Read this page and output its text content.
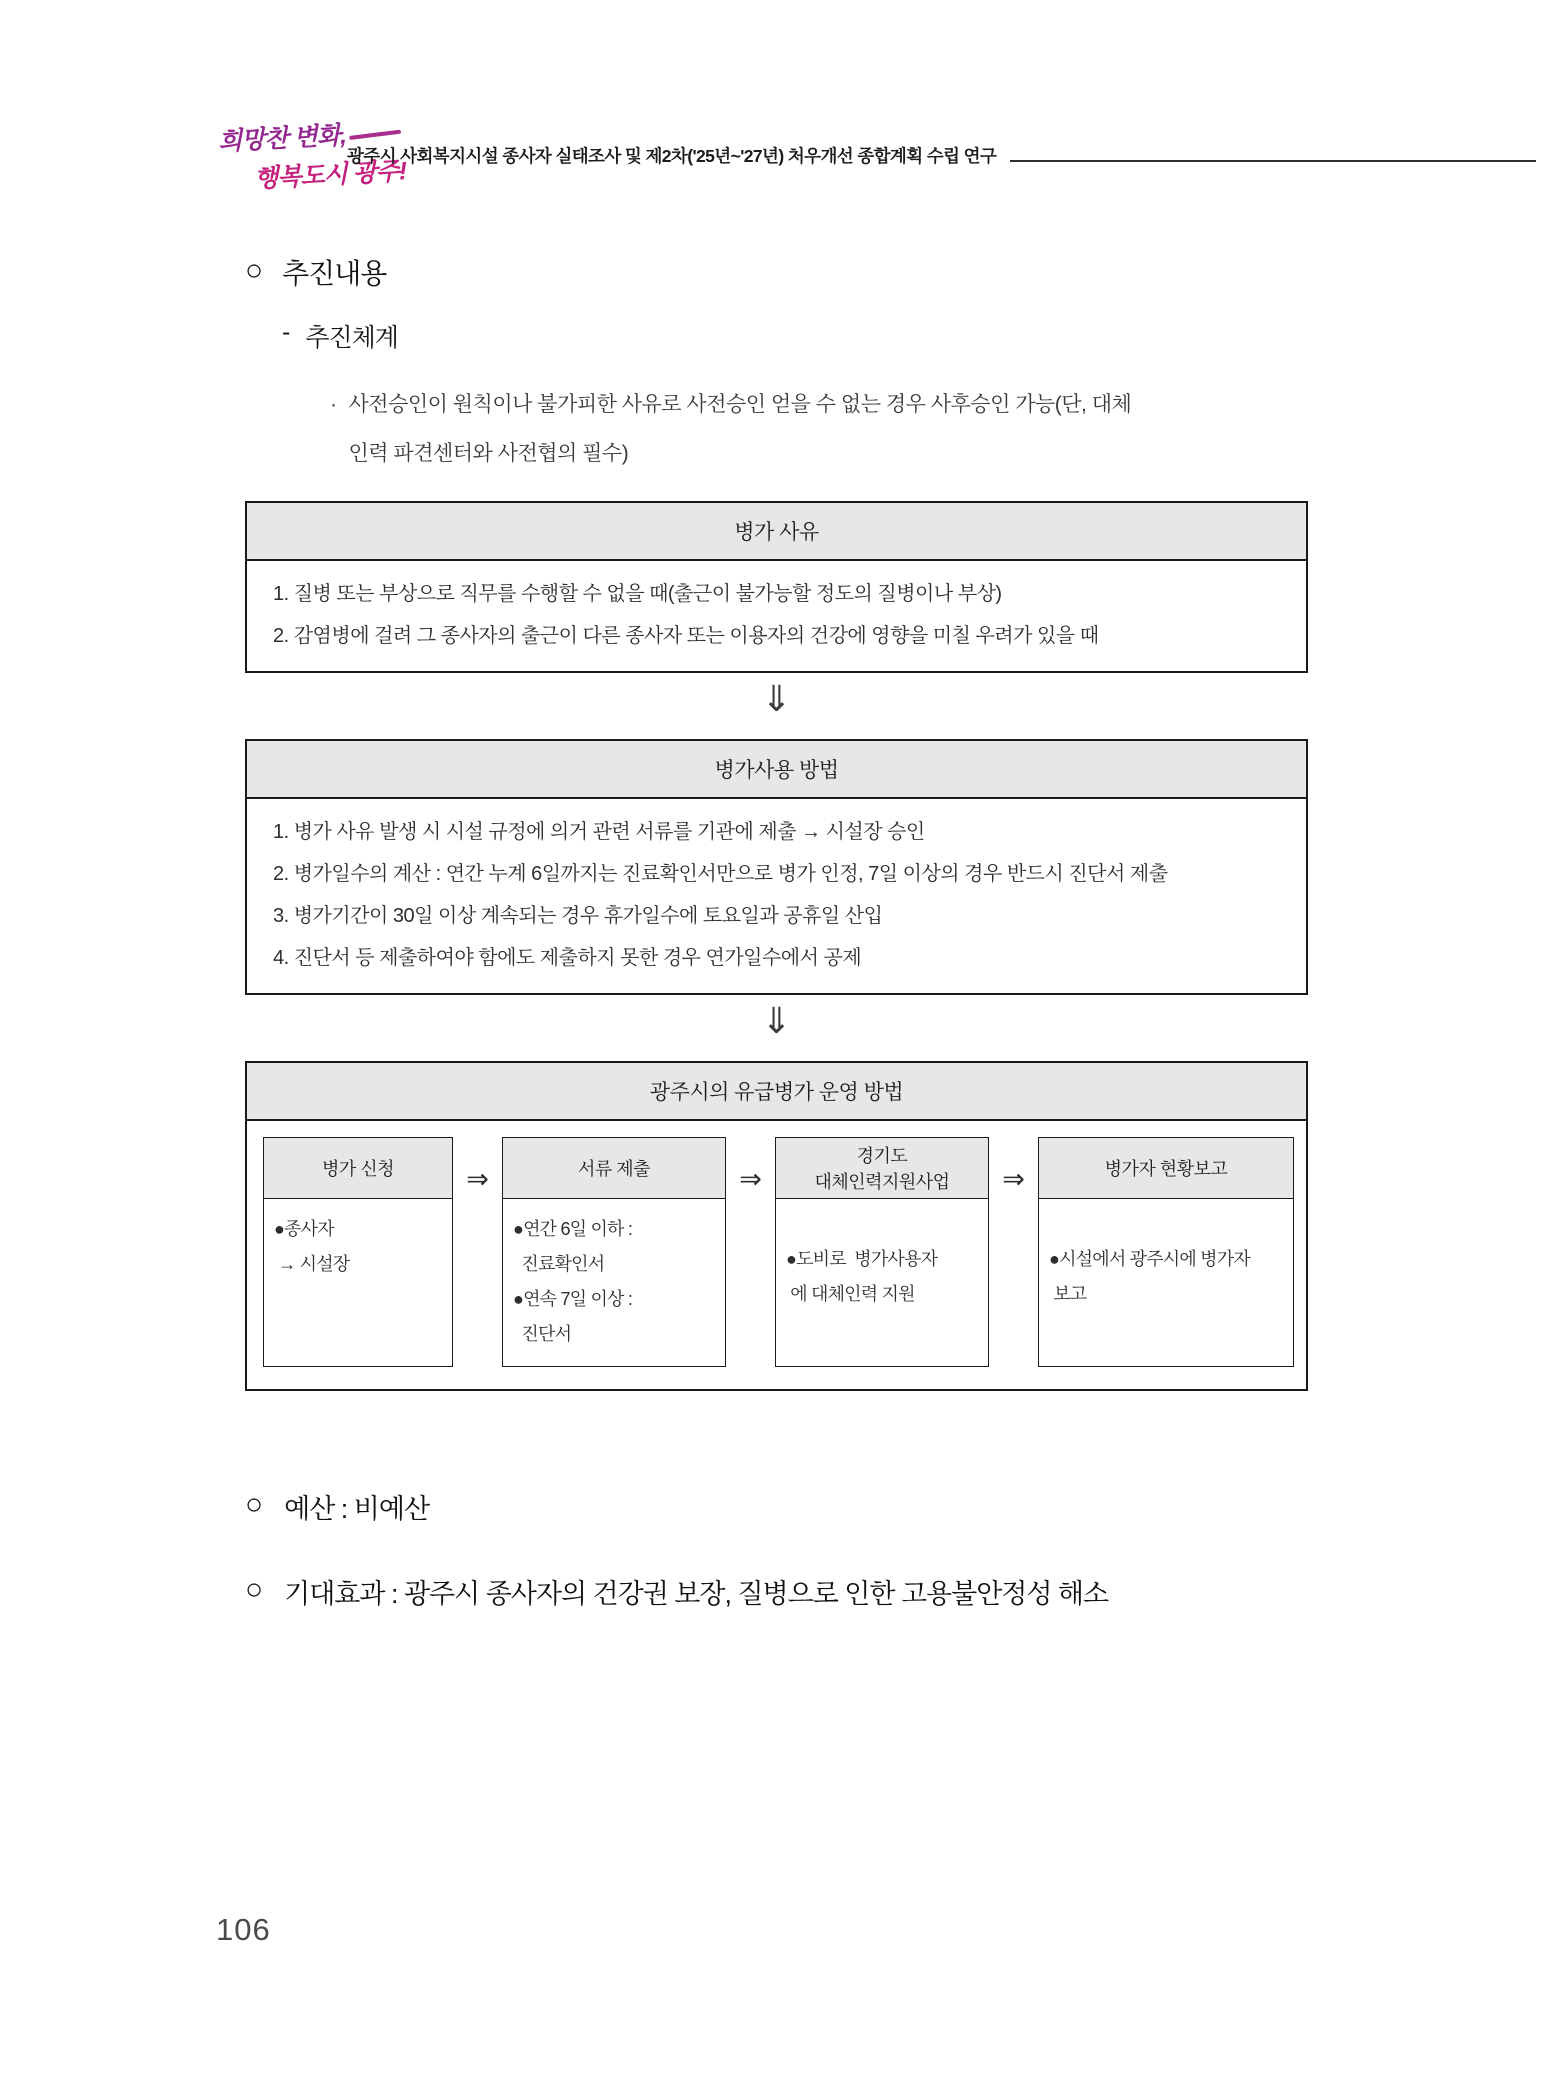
희망찬 변화,
행복도시 광주!
광주시 사회복지시설 종사자 실태조사 및 제2차('25년~'27년) 처우개선 종합계획 수립 연구
○ 추진내용
- 추진체계
· 사전승인이 원칙이나 불가피한 사유로 사전승인 얻을 수 없는 경우 사후승인 가능(단, 대체
인력 파견센터와 사전협의 필수)
병가 사유
1. 질병 또는 부상으로 직무를 수행할 수 없을 때(출근이 불가능할 정도의 질병이나 부상)
2. 감염병에 걸려 그 종사자의 출근이 다른 종사자 또는 이용자의 건강에 영향을 미칠 우려가 있을 때
⇓
병가사용 방법
1. 병가 사유 발생 시 시설 규정에 의거 관련 서류를 기관에 제출 → 시설장 승인
2. 병가일수의 계산 : 연간 누계 6일까지는 진료확인서만으로 병가 인정, 7일 이상의 경우 반드시 진단서 제출
3. 병가기간이 30일 이상 계속되는 경우 휴가일수에 토요일과 공휴일 산입
4. 진단서 등 제출하여야 함에도 제출하지 못한 경우 연가일수에서 공제
⇓
광주시의 유급병가 운영 방법
병가 신청
●종사자
→ 시설장
⇒	서류 제출
●연간 6일 이하 :
진료확인서
●연속 7일 이상 :
진단서
⇒
경기도
대체인력지원사업
●도비로  병가사용자
에 대체인력 지원
⇒	병가자 현황보고
●시설에서 광주시에 병가자
보고
○ 예산 : 비예산
○ 기대효과 : 광주시 종사자의 건강권 보장, 질병으로 인한 고용불안정성 해소
106
